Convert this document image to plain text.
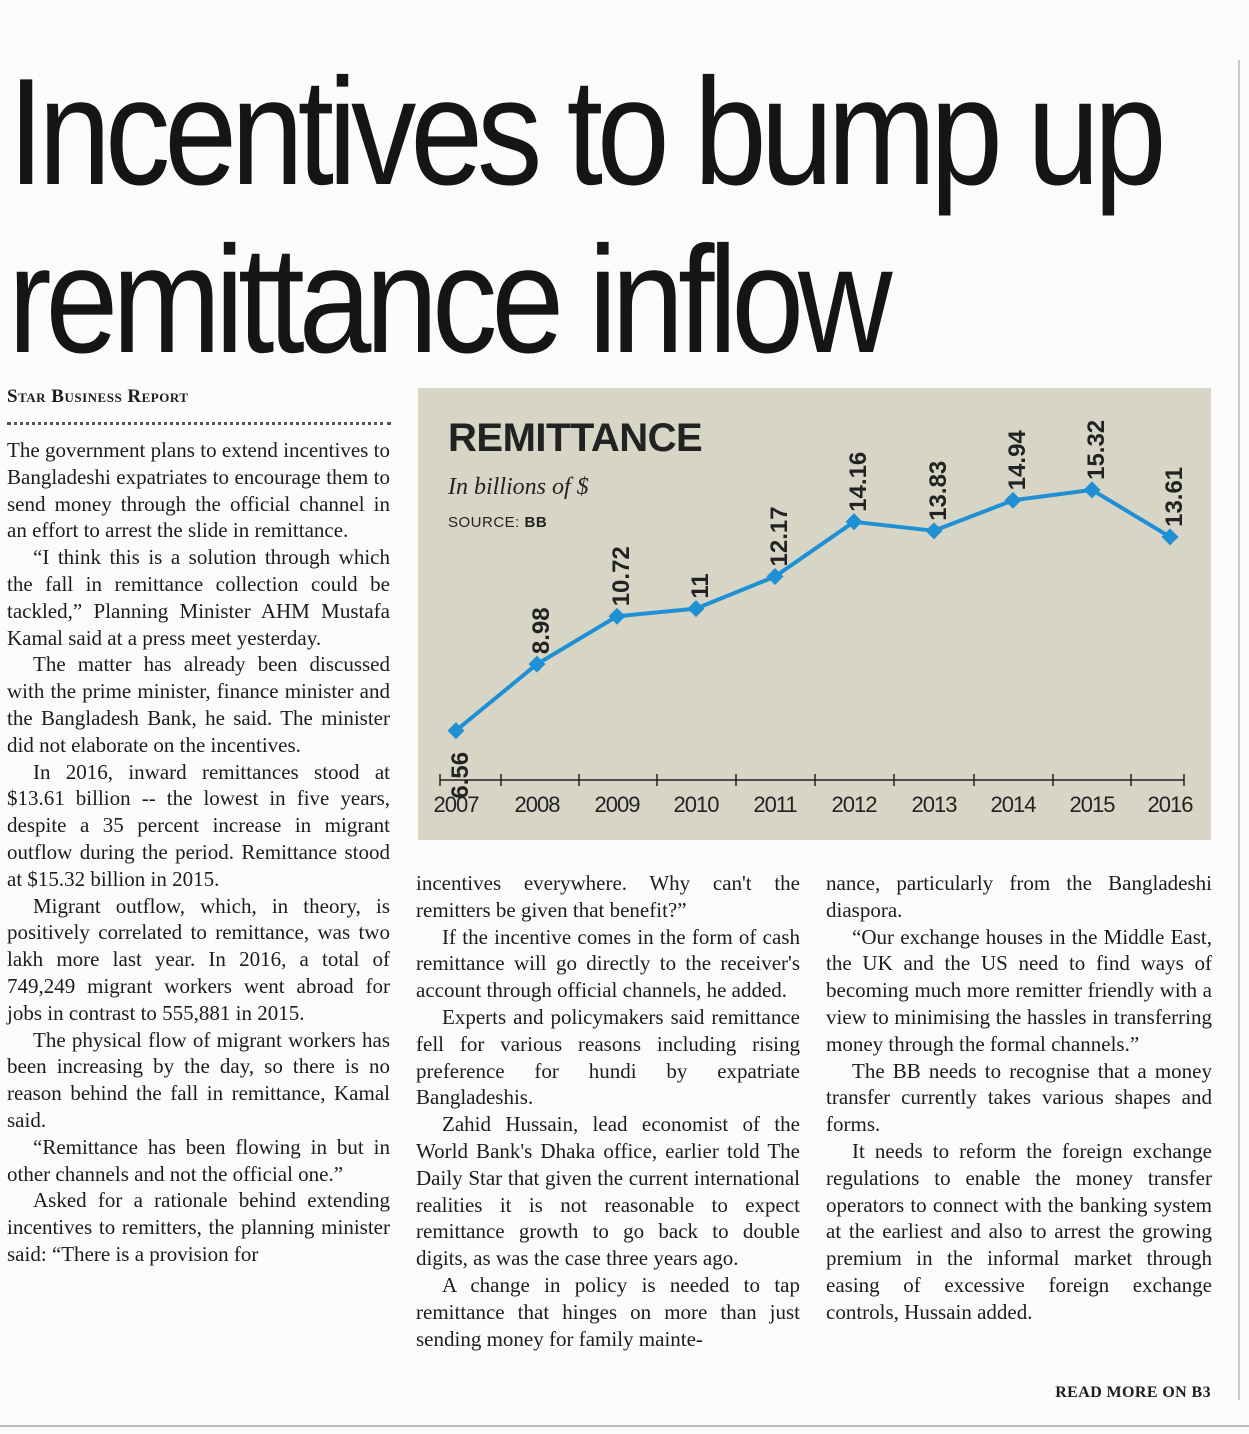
Incentives to bump up
remittance inflow
Star Business Report

The government plans to extend incentives to Bangladeshi expatriates to encourage them to send money through the official channel in an effort to arrest the slide in remittance.

“I think this is a solution through which the fall in remittance collection could be tackled,” Planning Minister AHM Mustafa Kamal said at a press meet yesterday.

The matter has already been discussed with the prime minister, finance minister and the Bangladesh Bank, he said. The minister did not elaborate on the incentives.

In 2016, inward remittances stood at $13.61 billion -- the lowest in five years, despite a 35 percent increase in migrant outflow during the period. Remittance stood at $15.32 billion in 2015.

Migrant outflow, which, in theory, is positively correlated to remittance, was two lakh more last year. In 2016, a total of 749,249 migrant workers went abroad for jobs in contrast to 555,881 in 2015.

The physical flow of migrant workers has been increasing by the day, so there is no reason behind the fall in remittance, Kamal said.

“Remittance has been flowing in but in other channels and not the official one.”

Asked for a rationale behind extending incentives to remitters, the planning minister said: “There is a provision for

2007 2008 2009 2010 2011 2012 2013 2014 2015 2016
6.56
8.98
10.72 11
12.17
14.16 13.83
14.94 15.32
13.61
REMITTANCE
In billions of $
SOURCE: BB

incentives everywhere. Why can't the remitters be given that benefit?”

If the incentive comes in the form of cash remittance will go directly to the receiver's account through official channels, he added.

Experts and policymakers said remittance fell for various reasons including rising preference for hundi by expatriate Bangladeshis.

Zahid Hussain, lead economist of the World Bank's Dhaka office, earlier told The Daily Star that given the current international realities it is not reasonable to expect remittance growth to go back to double digits, as was the case three years ago.

A change in policy is needed to tap remittance that hinges on more than just sending money for family mainte-

nance, particularly from the Bangladeshi diaspora.

“Our exchange houses in the Middle East, the UK and the US need to find ways of becoming much more remitter friendly with a view to minimising the hassles in transferring money through the formal channels.”

The BB needs to recognise that a money transfer currently takes various shapes and forms.

It needs to reform the foreign exchange regulations to enable the money transfer operators to connect with the banking system at the earliest and also to arrest the growing premium in the informal market through easing of excessive foreign exchange controls, Hussain added.

READ MORE ON B3
